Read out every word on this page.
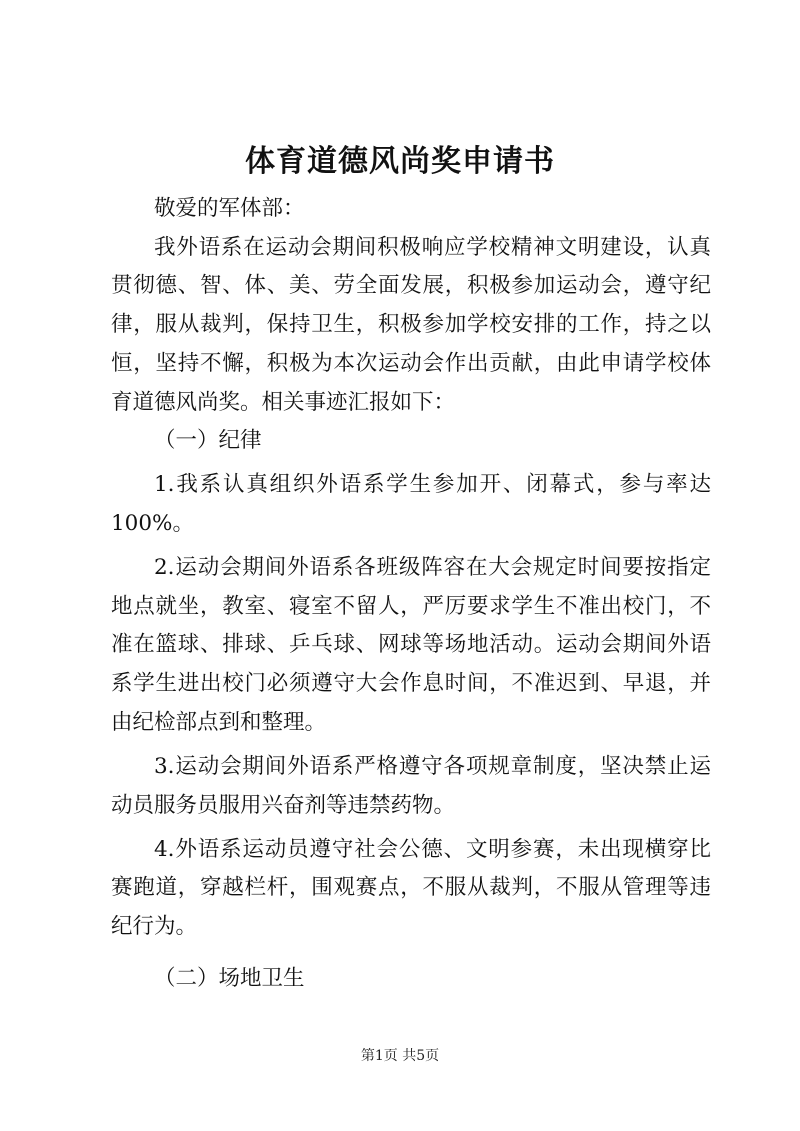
体育道德风尚奖申请书

敬爱的军体部：

我外语系在运动会期间积极响应学校精神文明建设，认真贯彻德、智、体、美、劳全面发展，积极参加运动会，遵守纪律，服从裁判，保持卫生，积极参加学校安排的工作，持之以恒，坚持不懈，积极为本次运动会作出贡献，由此申请学校体育道德风尚奖。相关事迹汇报如下：

（一）纪律

1.我系认真组织外语系学生参加开、闭幕式，参与率达100%。

2.运动会期间外语系各班级阵容在大会规定时间要按指定地点就坐，教室、寝室不留人，严厉要求学生不准出校门，不准在篮球、排球、乒乓球、网球等场地活动。运动会期间外语系学生进出校门必须遵守大会作息时间，不准迟到、早退，并由纪检部点到和整理。

3.运动会期间外语系严格遵守各项规章制度，坚决禁止运动员服务员服用兴奋剂等违禁药物。

4.外语系运动员遵守社会公德、文明参赛，未出现横穿比赛跑道，穿越栏杆，围观赛点，不服从裁判，不服从管理等违纪行为。

（二）场地卫生

第1页 共5页
